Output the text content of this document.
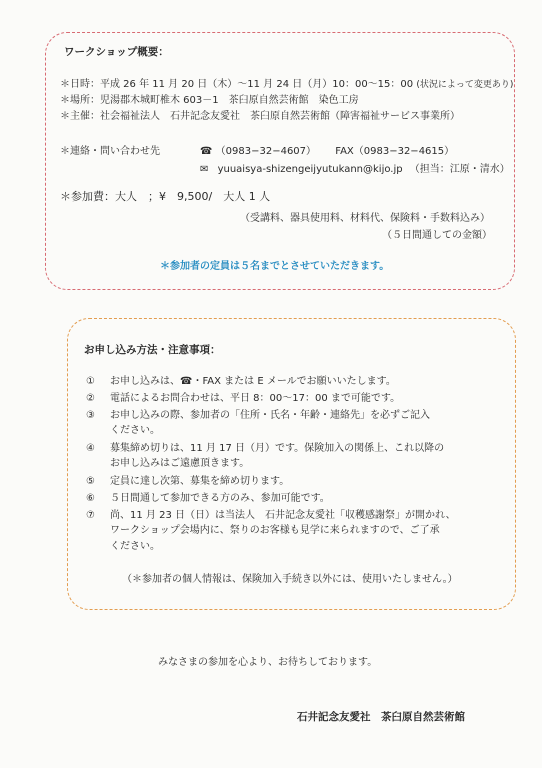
ワークショップ概要：
＊日時：平成 26 年 11 月 20 日（木）〜11 月 24 日（月）10：00〜15：00 (状況によって変更あり)
＊場所：児湯郡木城町椎木 603－1　茶臼原自然芸術館　染色工房
＊主催：社会福祉法人　石井記念友愛社　茶臼原自然芸術館（障害福祉サービス事業所）
＊連絡・問い合わせ先	☎ （0983−32−4607） FAX（0983−32−4615）
✉ yuuaisya-shizengeijyutukann@kijo.jp （担当：江原・清水）
＊参加費：大人　；¥　9,500/　大人 1 人
（受講料、器具使用料、材料代、保険料・手数料込み）
（５日間通しての金額）
＊参加者の定員は５名までとさせていただきます。
お申し込み方法・注意事項：
① お申し込みは、☎・FAX または E メールでお願いいたします。
② 電話によるお問合わせは、平日 8：00〜17：00 まで可能です。
③ お申し込みの際、参加者の「住所・氏名・年齢・連絡先」を必ずご記入
ください。
④ 募集締め切りは、11 月 17 日（月）です。保険加入の関係上、これ以降の
お申し込みはご遠慮頂きます。
⑤ 定員に達し次第、募集を締め切ります。
⑥ ５日間通して参加できる方のみ、参加可能です。
⑦ 尚、11 月 23 日（日）は当法人　石井記念友愛社「収穫感謝祭」が開かれ、
ワークショップ会場内に、祭りのお客様も見学に来られますので、ご了承
ください。
（＊参加者の個人情報は、保険加入手続き以外には、使用いたしません。）
みなさまの参加を心より、お待ちしております。
石井記念友愛社　茶臼原自然芸術館
